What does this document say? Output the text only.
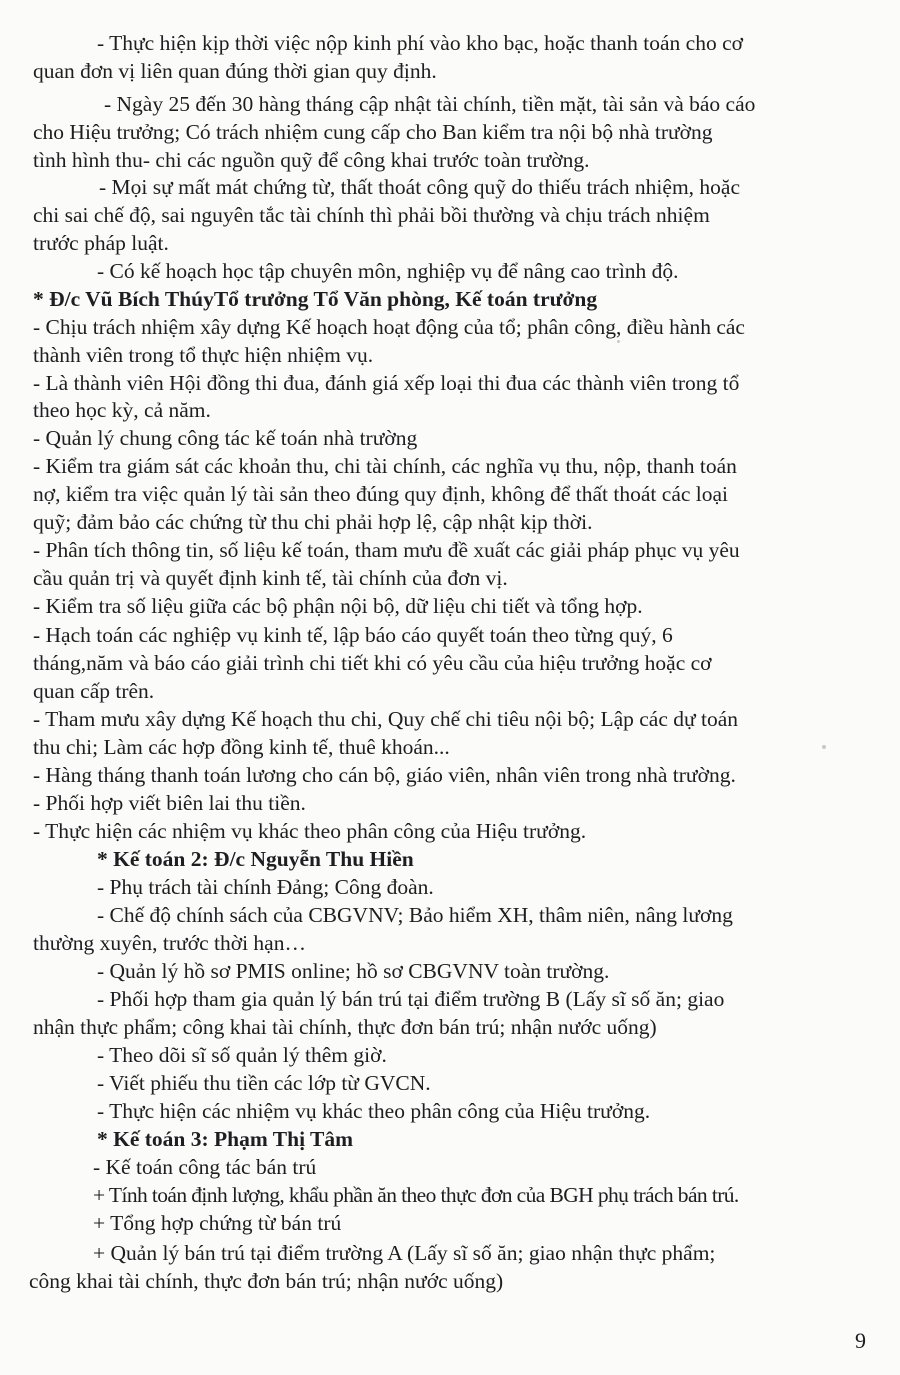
- Thực hiện kịp thời việc nộp kinh phí vào kho bạc, hoặc thanh toán cho cơ
quan đơn vị liên quan đúng thời gian quy định.
- Ngày 25 đến 30 hàng tháng cập nhật tài chính, tiền mặt, tài sản và báo cáo
cho Hiệu trưởng; Có trách nhiệm cung cấp cho Ban kiểm tra nội bộ nhà trường
tình hình thu- chi các nguồn quỹ để công khai trước toàn trường.
- Mọi sự mất mát chứng từ, thất thoát công quỹ do thiếu trách nhiệm, hoặc
chi sai chế độ, sai nguyên tắc tài chính thì phải bồi thường và chịu trách nhiệm
trước pháp luật.
- Có kế hoạch học tập chuyên môn, nghiệp vụ để nâng cao trình độ.
* Đ/c Vũ Bích ThúyTổ trưởng Tổ Văn phòng, Kế toán trưởng
- Chịu trách nhiệm xây dựng Kế hoạch hoạt động của tổ; phân công, điều hành các
thành viên trong tổ thực hiện nhiệm vụ.
- Là thành viên Hội đồng thi đua, đánh giá xếp loại thi đua các thành viên trong tổ
theo học kỳ, cả năm.
- Quản lý chung công tác kế toán nhà trường
- Kiểm tra giám sát các khoản thu, chi tài chính, các nghĩa vụ thu, nộp, thanh toán
nợ, kiểm tra việc quản lý tài sản theo đúng quy định, không để thất thoát các loại
quỹ; đảm bảo các chứng từ thu chi phải hợp lệ, cập nhật kịp thời.
- Phân tích thông tin, số liệu kế toán, tham mưu đề xuất các giải pháp phục vụ yêu
cầu quản trị và quyết định kinh tế, tài chính của đơn vị.
- Kiểm tra số liệu giữa các bộ phận nội bộ, dữ liệu chi tiết và tổng hợp.
- Hạch toán các nghiệp vụ kinh tế, lập báo cáo quyết toán theo từng quý, 6
tháng,năm và báo cáo giải trình chi tiết khi có yêu cầu của hiệu trưởng hoặc cơ
quan cấp trên.
- Tham mưu xây dựng Kế hoạch thu chi, Quy chế chi tiêu nội bộ; Lập các dự toán
thu chi; Làm các hợp đồng kinh tế, thuê khoán...
- Hàng tháng thanh toán lương cho cán bộ, giáo viên, nhân viên trong nhà trường.
- Phối hợp viết biên lai thu tiền.
- Thực hiện các nhiệm vụ khác theo phân công của Hiệu trưởng.
* Kế toán 2: Đ/c Nguyễn Thu Hiền
- Phụ trách tài chính Đảng; Công đoàn.
- Chế độ chính sách của CBGVNV; Bảo hiểm XH, thâm niên, nâng lương
thường xuyên, trước thời hạn…
- Quản lý hồ sơ PMIS online; hồ sơ CBGVNV toàn trường.
- Phối hợp tham gia quản lý bán trú tại điểm trường B (Lấy sĩ số ăn; giao
nhận thực phẩm; công khai tài chính, thực đơn bán trú; nhận nước uống)
- Theo dõi sĩ số quản lý thêm giờ.
- Viết phiếu thu tiền các lớp từ GVCN.
- Thực hiện các nhiệm vụ khác theo phân công của Hiệu trưởng.
* Kế toán 3: Phạm Thị Tâm
- Kế toán công tác bán trú
+ Tính toán định lượng, khẩu phần ăn theo thực đơn của BGH phụ trách bán trú.
+ Tổng hợp chứng từ bán trú
+ Quản lý bán trú tại điểm trường A (Lấy sĩ số ăn; giao nhận thực phẩm;
công khai tài chính, thực đơn bán trú; nhận nước uống)
9
